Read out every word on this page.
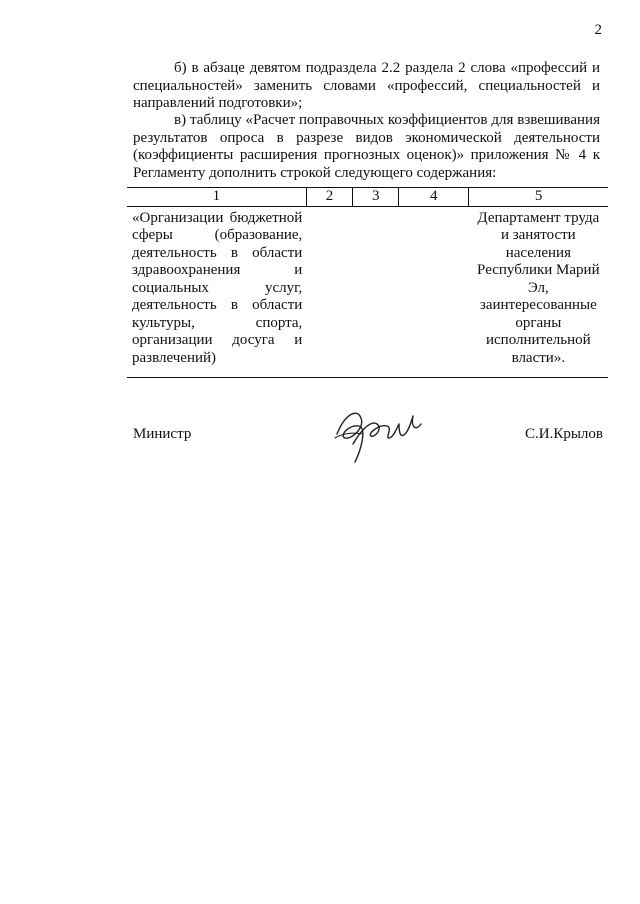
2

б) в абзаце девятом подраздела 2.2 раздела 2 слова «профессий и специальностей» заменить словами «профессий, специальностей и направлений подготовки»;

в) таблицу «Расчет поправочных коэффициентов для взвешивания результатов опроса в разрезе видов экономической деятельности (коэффициенты расширения прогнозных оценок)» приложения № 4 к Регламенту дополнить строкой следующего содержания:

1	2	3	4	5

«Организации бюджетной сферы (образование, деятельность в области здравоохранения и социальных услуг, деятельность в области культуры, спорта, организации досуга и развлечений)				Департамент труда и занятости населения Республики Марий Эл, заинтересованные органы исполнительной власти».
Министр	С.И.Крылов
